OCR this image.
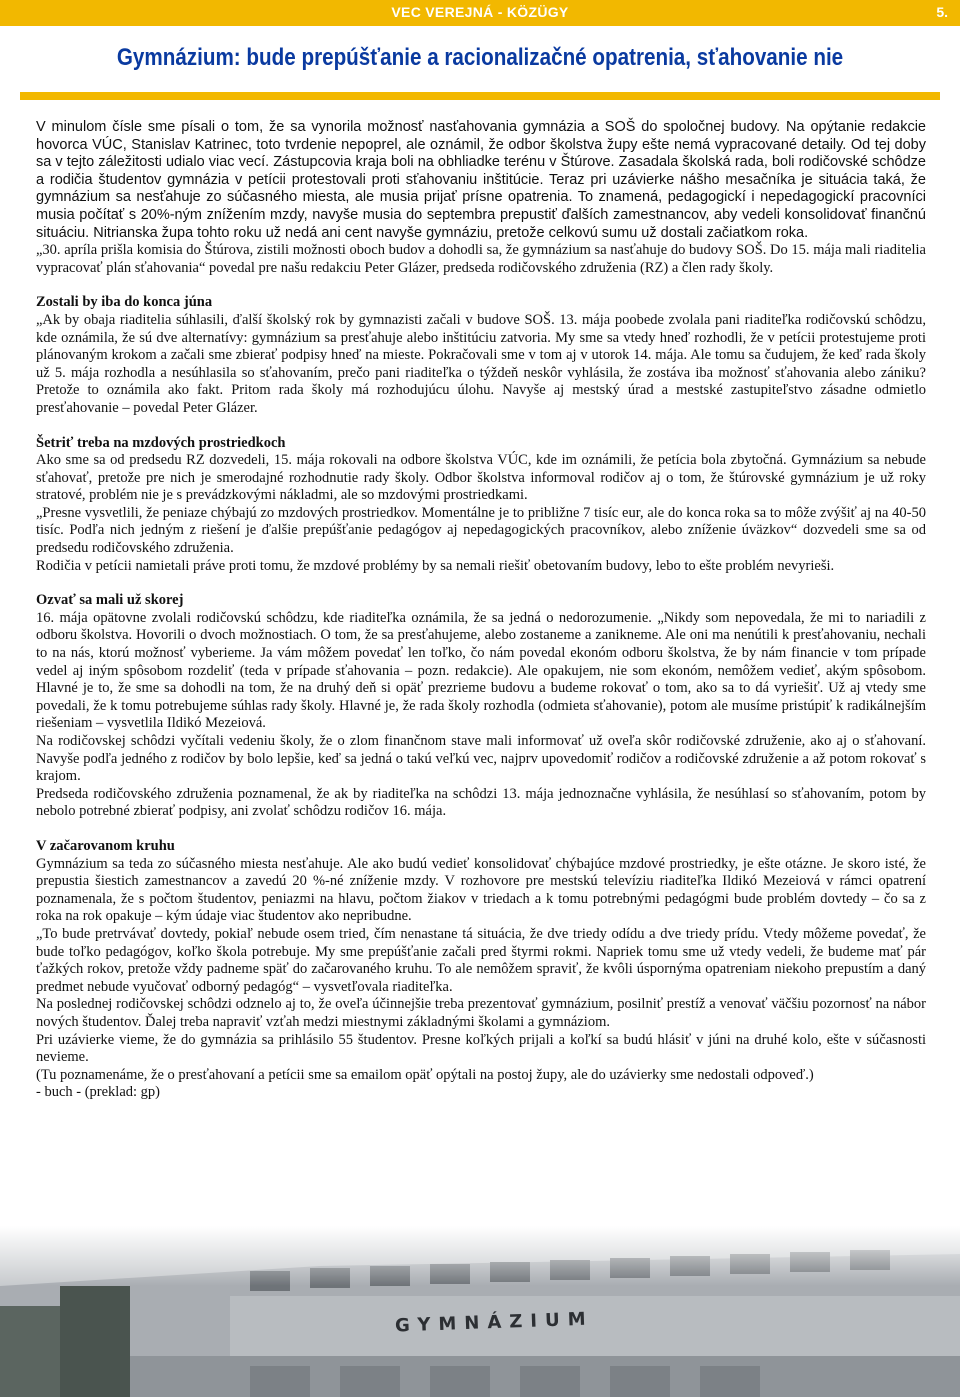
VEC VEREJNÁ - KÖZÜGY	5.
Gymnázium: bude prepúšťanie a racionalizačné opatrenia, sťahovanie nie
GYMNÁZIUM

V minulom čísle sme písali o tom, že sa vynorila možnosť nasťahovania gymnázia a SOŠ do spoločnej budovy. Na opýtanie redakcie hovorca VÚC, Stanislav Katrinec, toto tvrdenie nepoprel, ale oznámil, že odbor školstva župy ešte nemá vypracované detaily. Od tej doby sa v tejto záležitosti udialo viac vecí. Zástupcovia kraja boli na obhliadke terénu v Štúrove. Zasadala školská rada, boli rodičovské schôdze a rodičia študentov gymnázia v petícii protestovali proti sťahovaniu inštitúcie. Teraz pri uzávierke nášho mesačníka je situácia taká, že gymnázium sa nesťahuje zo súčasného miesta, ale musia prijať prísne opatrenia. To znamená, pedagogickí i nepedagogickí pracovníci musia počítať s 20%-ným znížením mzdy, navyše musia do septembra prepustiť ďalších zamestnancov, aby vedeli konsolidovať finančnú situáciu. Nitrianska župa tohto roku už nedá ani cent navyše gymnáziu, pretože celkovú sumu už dostali začiatkom roka.

„30. apríla prišla komisia do Štúrova, zistili možnosti oboch budov a dohodli sa, že gymnázium sa nasťahuje do budovy SOŠ. Do 15. mája mali riaditelia vypracovať plán sťahovania“ povedal pre našu redakciu Peter Glázer, predseda rodičovského združenia (RZ) a člen rady školy.

Zostali by iba do konca júna

„Ak by obaja riaditelia súhlasili, ďalší školský rok by gymnazisti začali v budove SOŠ. 13. mája poobede zvolala pani riaditeľka rodičovskú schôdzu, kde oznámila, že sú dve alternatívy: gymnázium sa presťahuje alebo inštitúciu zatvoria. My sme sa vtedy hneď rozhodli, že v petícii protestujeme proti plánovaným krokom a začali sme zbierať podpisy hneď na mieste. Pokračovali sme v tom aj v utorok 14. mája. Ale tomu sa čudujem, že keď rada školy už 5. mája rozhodla a nesúhlasila so sťahovaním, prečo pani riaditeľka o týždeň neskôr vyhlásila, že zostáva iba možnosť sťahovania alebo zániku? Pretože to oznámila ako fakt. Pritom rada školy má rozhodujúcu úlohu. Navyše aj mestský úrad a mestské zastupiteľstvo zásadne odmietlo presťahovanie – povedal Peter Glázer.

Šetriť treba na mzdových prostriedkoch

Ako sme sa od predsedu RZ dozvedeli, 15. mája rokovali na odbore školstva VÚC, kde im oznámili, že petícia bola zbytočná. Gymnázium sa nebude sťahovať, pretože pre nich je smerodajné rozhodnutie rady školy. Odbor školstva informoval rodičov aj o tom, že štúrovské gymnázium je už roky stratové, problém nie je s prevádzkovými nákladmi, ale so mzdovými prostriedkami.

„Presne vysvetlili, že peniaze chýbajú zo mzdových prostriedkov. Momentálne je to približne 7 tisíc eur, ale do konca roka sa to môže zvýšiť aj na 40-50 tisíc. Podľa nich jedným z riešení je ďalšie prepúšťanie pedagógov aj nepedagogických pracovníkov, alebo zníženie úväzkov“ dozvedeli sme sa od predsedu rodičovského združenia.

Rodičia v petícii namietali práve proti tomu, že mzdové problémy by sa nemali riešiť obetovaním budovy, lebo to ešte problém nevyrieši.

Ozvať sa mali už skorej

16. mája opätovne zvolali rodičovskú schôdzu, kde riaditeľka oznámila, že sa jedná o nedorozumenie. „Nikdy som nepovedala, že mi to nariadili z odboru školstva. Hovorili o dvoch možnostiach. O tom, že sa presťahujeme, alebo zostaneme a zanikneme. Ale oni ma nenútili k presťahovaniu, nechali to na nás, ktorú možnosť vyberieme. Ja vám môžem povedať len toľko, čo nám povedal ekonóm odboru školstva, že by nám financie v tom prípade vedel aj iným spôsobom rozdeliť (teda v prípade sťahovania – pozn. redakcie). Ale opakujem, nie som ekonóm, nemôžem vedieť, akým spôsobom. Hlavné je to, že sme sa dohodli na tom, že na druhý deň si opäť prezrieme budovu a budeme rokovať o tom, ako sa to dá vyriešiť. Už aj vtedy sme povedali, že k tomu potrebujeme súhlas rady školy. Hlavné je, že rada školy rozhodla (odmieta sťahovanie), potom ale musíme pristúpiť k radikálnejším riešeniam – vysvetlila Ildikó Mezeiová.

Na rodičovskej schôdzi vyčítali vedeniu školy, že o zlom finančnom stave mali informovať už oveľa skôr rodičovské združenie, ako aj o sťahovaní. Navyše podľa jedného z rodičov by bolo lepšie, keď sa jedná o takú veľkú vec, najprv upovedomiť rodičov a rodičovské združenie a až potom rokovať s krajom.

Predseda rodičovského združenia poznamenal, že ak by riaditeľka na schôdzi 13. mája jednoznačne vyhlásila, že nesúhlasí so sťahovaním, potom by nebolo potrebné zbierať podpisy, ani zvolať schôdzu rodičov 16. mája.

V začarovanom kruhu

Gymnázium sa teda zo súčasného miesta nesťahuje. Ale ako budú vedieť konsolidovať chýbajúce mzdové prostriedky, je ešte otázne. Je skoro isté, že prepustia šiestich zamestnancov a zavedú 20 %-né zníženie mzdy. V rozhovore pre mestskú televíziu riaditeľka Ildikó Mezeiová v rámci opatrení poznamenala, že s počtom študentov, peniazmi na hlavu, počtom žiakov v triedach a k tomu potrebnými pedagógmi bude problém dovtedy – čo sa z roka na rok opakuje – kým údaje viac študentov ako nepribudne.

„To bude pretrvávať dovtedy, pokiaľ nebude osem tried, čím nenastane tá situácia, že dve triedy odídu a dve triedy prídu. Vtedy môžeme povedať, že bude toľko pedagógov, koľko škola potrebuje. My sme prepúšťanie začali pred štyrmi rokmi. Napriek tomu sme už vtedy vedeli, že budeme mať pár ťažkých rokov, pretože vždy padneme späť do začarovaného kruhu. To ale nemôžem spraviť, že kvôli úspornýma opatreniam niekoho prepustím a daný predmet nebude vyučovať odborný pedagóg“ – vysvetľovala riaditeľka.

Na poslednej rodičovskej schôdzi odznelo aj to, že oveľa účinnejšie treba prezentovať gymnázium, posilniť prestíž a venovať väčšiu pozornosť na nábor nových študentov. Ďalej treba napraviť vzťah medzi miestnymi základnými školami a gymnáziom.

Pri uzávierke vieme, že do gymnázia sa prihlásilo 55 študentov. Presne koľkých prijali a koľkí sa budú hlásiť v júni na druhé kolo, ešte v súčasnosti nevieme.

(Tu poznamenáme, že o presťahovaní a petícii sme sa emailom opäť opýtali na postoj župy, ale do uzávierky sme nedostali odpoveď.)

- buch - (preklad: gp)
